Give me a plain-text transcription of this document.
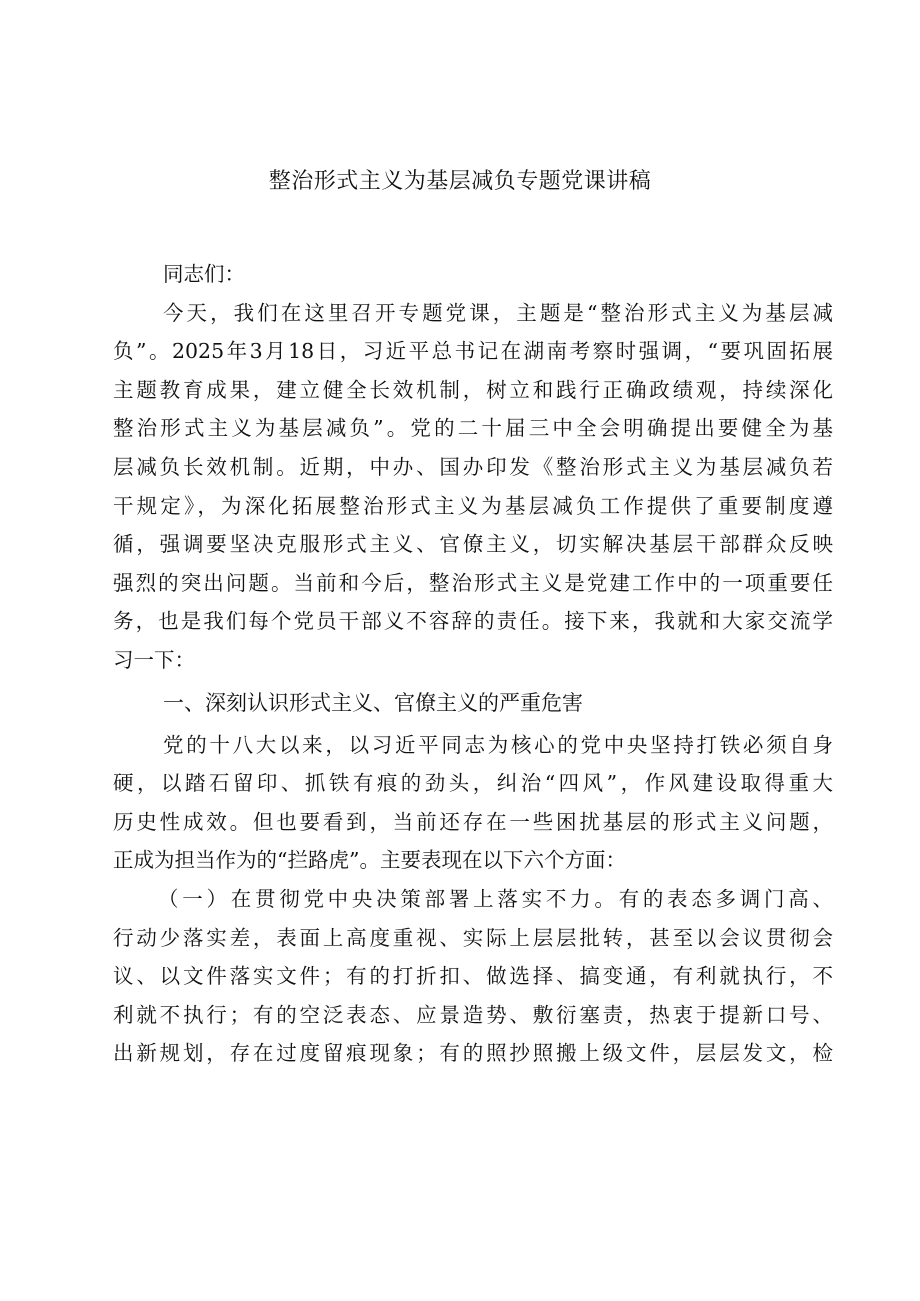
整治形式主义为基层减负专题党课讲稿
同志们：
今天，我们在这里召开专题党课，主题是“整治形式主义为基层减
负”。2025年3月18日，习近平总书记在湖南考察时强调，“要巩固拓展
主题教育成果，建立健全长效机制，树立和践行正确政绩观，持续深化
整治形式主义为基层减负”。党的二十届三中全会明确提出要健全为基
层减负长效机制。近期，中办、国办印发《整治形式主义为基层减负若
干规定》，为深化拓展整治形式主义为基层减负工作提供了重要制度遵
循，强调要坚决克服形式主义、官僚主义，切实解决基层干部群众反映
强烈的突出问题。当前和今后，整治形式主义是党建工作中的一项重要任
务，也是我们每个党员干部义不容辞的责任。接下来，我就和大家交流学
习一下：
一、深刻认识形式主义、官僚主义的严重危害
党的十八大以来，以习近平同志为核心的党中央坚持打铁必须自身
硬，以踏石留印、抓铁有痕的劲头，纠治“四风”，作风建设取得重大
历史性成效。但也要看到，当前还存在一些困扰基层的形式主义问题，
正成为担当作为的“拦路虎”。主要表现在以下六个方面：
（一）在贯彻党中央决策部署上落实不力。有的表态多调门高、
行动少落实差，表面上高度重视、实际上层层批转，甚至以会议贯彻会
议、以文件落实文件；有的打折扣、做选择、搞变通，有利就执行，不
利就不执行；有的空泛表态、应景造势、敷衍塞责，热衷于提新口号、
出新规划，存在过度留痕现象；有的照抄照搬上级文件，层层发文，检
